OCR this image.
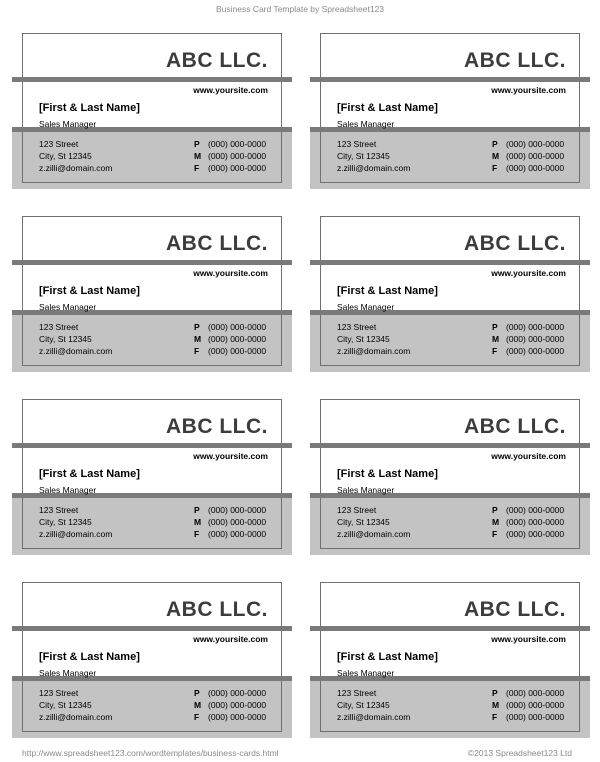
Business Card Template by Spreadsheet123
ABC LLC.
www.yoursite.com
[First & Last Name]
Sales Manager
123 Street
City, St 12345
z.zilli@domain.com
P (000) 000-0000
M (000) 000-0000
F (000) 000-0000
ABC LLC.
www.yoursite.com
[First & Last Name]
Sales Manager
123 Street
City, St 12345
z.zilli@domain.com
P (000) 000-0000
M (000) 000-0000
F (000) 000-0000
ABC LLC.
www.yoursite.com
[First & Last Name]
Sales Manager
123 Street
City, St 12345
z.zilli@domain.com
P (000) 000-0000
M (000) 000-0000
F (000) 000-0000
ABC LLC.
www.yoursite.com
[First & Last Name]
Sales Manager
123 Street
City, St 12345
z.zilli@domain.com
P (000) 000-0000
M (000) 000-0000
F (000) 000-0000
ABC LLC.
www.yoursite.com
[First & Last Name]
Sales Manager
123 Street
City, St 12345
z.zilli@domain.com
P (000) 000-0000
M (000) 000-0000
F (000) 000-0000
ABC LLC.
www.yoursite.com
[First & Last Name]
Sales Manager
123 Street
City, St 12345
z.zilli@domain.com
P (000) 000-0000
M (000) 000-0000
F (000) 000-0000
ABC LLC.
www.yoursite.com
[First & Last Name]
Sales Manager
123 Street
City, St 12345
z.zilli@domain.com
P (000) 000-0000
M (000) 000-0000
F (000) 000-0000
ABC LLC.
www.yoursite.com
[First & Last Name]
Sales Manager
123 Street
City, St 12345
z.zilli@domain.com
P (000) 000-0000
M (000) 000-0000
F (000) 000-0000
http://www.spreadsheet123.com/wordtemplates/business-cards.html	©2013 Spreadsheet123 Ltd
